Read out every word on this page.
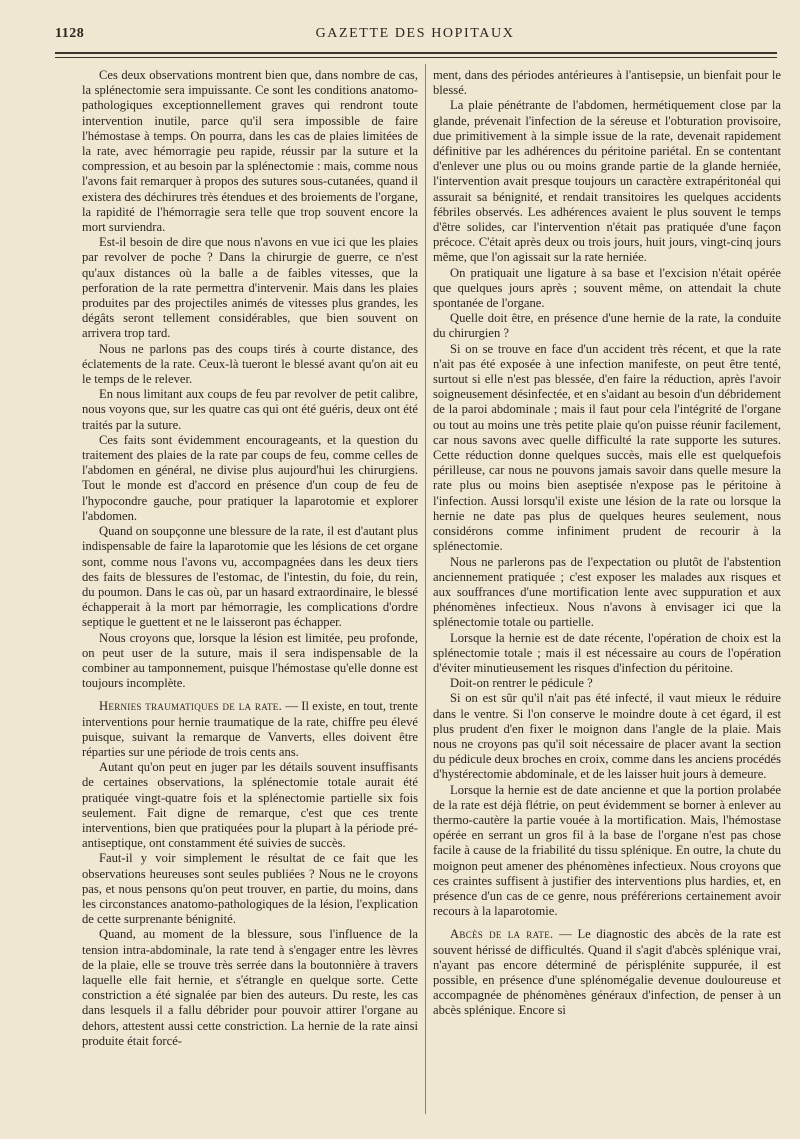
1128	GAZETTE DES HOPITAUX

Ces deux observations montrent bien que, dans nombre de cas, la splénectomie sera impuissante. Ce sont les conditions anatomo-pathologiques exceptionnellement graves qui rendront toute intervention inutile, parce qu'il sera impossible de faire l'hémostase à temps. On pourra, dans les cas de plaies limitées de la rate, avec hémorragie peu rapide, réussir par la suture et la compression, et au besoin par la splénectomie : mais, comme nous l'avons fait remarquer à propos des sutures sous-cutanées, quand il existera des déchirures très étendues et des broiements de l'organe, la rapidité de l'hémorragie sera telle que trop souvent encore la mort surviendra.

Est-il besoin de dire que nous n'avons en vue ici que les plaies par revolver de poche ? Dans la chirurgie de guerre, ce n'est qu'aux distances où la balle a de faibles vitesses, que la perforation de la rate permettra d'intervenir. Mais dans les plaies produites par des projectiles animés de vitesses plus grandes, les dégâts seront tellement considérables, que bien souvent on arrivera trop tard.

Nous ne parlons pas des coups tirés à courte distance, des éclatements de la rate. Ceux-là tueront le blessé avant qu'on ait eu le temps de le relever.

En nous limitant aux coups de feu par revolver de petit calibre, nous voyons que, sur les quatre cas qui ont été guéris, deux ont été traités par la suture.

Ces faits sont évidemment encourageants, et la question du traitement des plaies de la rate par coups de feu, comme celles de l'abdomen en général, ne divise plus aujourd'hui les chirurgiens. Tout le monde est d'accord en présence d'un coup de feu de l'hypocondre gauche, pour pratiquer la laparotomie et explorer l'abdomen.

Quand on soupçonne une blessure de la rate, il est d'autant plus indispensable de faire la laparotomie que les lésions de cet organe sont, comme nous l'avons vu, accompagnées dans les deux tiers des faits de blessures de l'estomac, de l'intestin, du foie, du rein, du poumon. Dans le cas où, par un hasard extraordinaire, le blessé échapperait à la mort par hémorragie, les complications d'ordre septique le guettent et ne le laisseront pas échapper.

Nous croyons que, lorsque la lésion est limitée, peu profonde, on peut user de la suture, mais il sera indispensable de la combiner au tamponnement, puisque l'hémostase qu'elle donne est toujours incomplète.

Hernies traumatiques de la rate. — Il existe, en tout, trente interventions pour hernie traumatique de la rate, chiffre peu élevé puisque, suivant la remarque de Vanverts, elles doivent être réparties sur une période de trois cents ans.

Autant qu'on peut en juger par les détails souvent insuffisants de certaines observations, la splénectomie totale aurait été pratiquée vingt-quatre fois et la splénectomie partielle six fois seulement. Fait digne de remarque, c'est que ces trente interventions, bien que pratiquées pour la plupart à la période pré-antiseptique, ont constamment été suivies de succès.

Faut-il y voir simplement le résultat de ce fait que les observations heureuses sont seules publiées ? Nous ne le croyons pas, et nous pensons qu'on peut trouver, en partie, du moins, dans les circonstances anatomo-pathologiques de la lésion, l'explication de cette surprenante bénignité.

Quand, au moment de la blessure, sous l'influence de la tension intra-abdominale, la rate tend à s'engager entre les lèvres de la plaie, elle se trouve très serrée dans la boutonnière à travers laquelle elle fait hernie, et s'étrangle en quelque sorte. Cette constriction a été signalée par bien des auteurs. Du reste, les cas dans lesquels il a fallu débrider pour pouvoir attirer l'organe au dehors, attestent aussi cette constriction. La hernie de la rate ainsi produite était forcé-

ment, dans des périodes antérieures à l'antisepsie, un bienfait pour le blessé.

La plaie pénétrante de l'abdomen, hermétiquement close par la glande, prévenait l'infection de la séreuse et l'obturation provisoire, due primitivement à la simple issue de la rate, devenait rapidement définitive par les adhérences du péritoine pariétal. En se contentant d'enlever une plus ou ou moins grande partie de la glande herniée, l'intervention avait presque toujours un caractère extrapéritonéal qui assurait sa bénignité, et rendait transitoires les quelques accidents fébriles observés. Les adhérences avaient le plus souvent le temps d'être solides, car l'intervention n'était pas pratiquée d'une façon précoce. C'était après deux ou trois jours, huit jours, vingt-cinq jours même, que l'on agissait sur la rate herniée.

On pratiquait une ligature à sa base et l'excision n'était opérée que quelques jours après ; souvent même, on attendait la chute spontanée de l'organe.

Quelle doit être, en présence d'une hernie de la rate, la conduite du chirurgien ?

Si on se trouve en face d'un accident très récent, et que la rate n'ait pas été exposée à une infection manifeste, on peut être tenté, surtout si elle n'est pas blessée, d'en faire la réduction, après l'avoir soigneusement désinfectée, et en s'aidant au besoin d'un débridement de la paroi abdominale ; mais il faut pour cela l'intégrité de l'organe ou tout au moins une très petite plaie qu'on puisse réunir facilement, car nous savons avec quelle difficulté la rate supporte les sutures. Cette réduction donne quelques succès, mais elle est quelquefois périlleuse, car nous ne pouvons jamais savoir dans quelle mesure la rate plus ou moins bien aseptisée n'expose pas le péritoine à l'infection. Aussi lorsqu'il existe une lésion de la rate ou lorsque la hernie ne date pas plus de quelques heures seulement, nous considérons comme infiniment prudent de recourir à la splénectomie.

Nous ne parlerons pas de l'expectation ou plutôt de l'abstention anciennement pratiquée ; c'est exposer les malades aux risques et aux souffrances d'une mortification lente avec suppuration et aux phénomènes infectieux. Nous n'avons à envisager ici que la splénectomie totale ou partielle.

Lorsque la hernie est de date récente, l'opération de choix est la splénectomie totale ; mais il est nécessaire au cours de l'opération d'éviter minutieusement les risques d'infection du péritoine.

Doit-on rentrer le pédicule ?

Si on est sûr qu'il n'ait pas été infecté, il vaut mieux le réduire dans le ventre. Si l'on conserve le moindre doute à cet égard, il est plus prudent d'en fixer le moignon dans l'angle de la plaie. Mais nous ne croyons pas qu'il soit nécessaire de placer avant la section du pédicule deux broches en croix, comme dans les anciens procédés d'hystérectomie abdominale, et de les laisser huit jours à demeure.

Lorsque la hernie est de date ancienne et que la portion prolabée de la rate est déjà flétrie, on peut évidemment se borner à enlever au thermo-cautère la partie vouée à la mortification. Mais, l'hémostase opérée en serrant un gros fil à la base de l'organe n'est pas chose facile à cause de la friabilité du tissu splénique. En outre, la chute du moignon peut amener des phénomènes infectieux. Nous croyons que ces craintes suffisent à justifier des interventions plus hardies, et, en présence d'un cas de ce genre, nous préférerions certainement avoir recours à la laparotomie.

Abcès de la rate. — Le diagnostic des abcès de la rate est souvent hérissé de difficultés. Quand il s'agit d'abcès splénique vrai, n'ayant pas encore déterminé de périsplénite suppurée, il est possible, en présence d'une splénomégalie devenue douloureuse et accompagnée de phénomènes généraux d'infection, de penser à un abcès splénique. Encore si
